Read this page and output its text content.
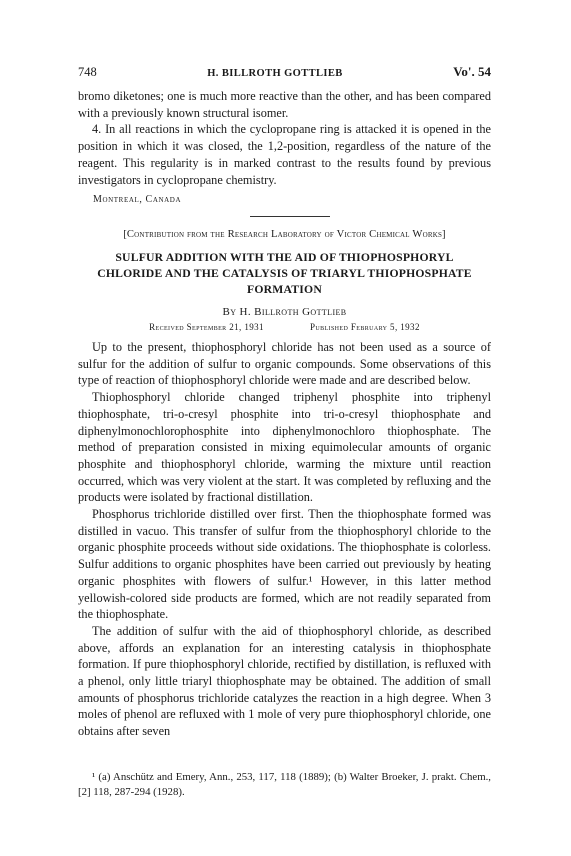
748	H. BILLROTH GOTTLIEB	Vo'. 54

bromo diketones; one is much more reactive than the other, and has been compared with a previously known structural isomer.

4. In all reactions in which the cyclopropane ring is attacked it is opened in the position in which it was closed, the 1,2-position, regardless of the nature of the reagent. This regularity is in marked contrast to the results found by previous investigators in cyclopropane chemistry.

Montreal, Canada
[Contribution from the Research Laboratory of Victor Chemical Works]
SULFUR ADDITION WITH THE AID OF THIOPHOSPHORYL
CHLORIDE AND THE CATALYSIS OF TRIARYL THIOPHOSPHATE
FORMATION
By H. Billroth Gottlieb
Received September 21, 1931	Published February 5, 1932

Up to the present, thiophosphoryl chloride has not been used as a source of sulfur for the addition of sulfur to organic compounds. Some observations of this type of reaction of thiophosphoryl chloride were made and are described below.

Thiophosphoryl chloride changed triphenyl phosphite into triphenyl thiophosphate, tri-o-cresyl phosphite into tri-o-cresyl thiophosphate and diphenylmonochlorophosphite into diphenylmonochloro thiophosphate. The method of preparation consisted in mixing equimolecular amounts of organic phosphite and thiophosphoryl chloride, warming the mixture until reaction occurred, which was very violent at the start. It was completed by refluxing and the products were isolated by fractional distillation.

Phosphorus trichloride distilled over first. Then the thiophosphate formed was distilled in vacuo. This transfer of sulfur from the thiophosphoryl chloride to the organic phosphite proceeds without side oxidations. The thiophosphate is colorless. Sulfur additions to organic phosphites have been carried out previously by heating organic phosphites with flowers of sulfur.¹ However, in this latter method yellowish-colored side products are formed, which are not readily separated from the thiophosphate.

The addition of sulfur with the aid of thiophosphoryl chloride, as described above, affords an explanation for an interesting catalysis in thiophosphate formation. If pure thiophosphoryl chloride, rectified by distillation, is refluxed with a phenol, only little triaryl thiophosphate may be obtained. The addition of small amounts of phosphorus trichloride catalyzes the reaction in a high degree. When 3 moles of phenol are refluxed with 1 mole of very pure thiophosphoryl chloride, one obtains after seven

¹ (a) Anschütz and Emery, Ann., 253, 117, 118 (1889); (b) Walter Broeker, J. prakt. Chem., [2] 118, 287-294 (1928).
